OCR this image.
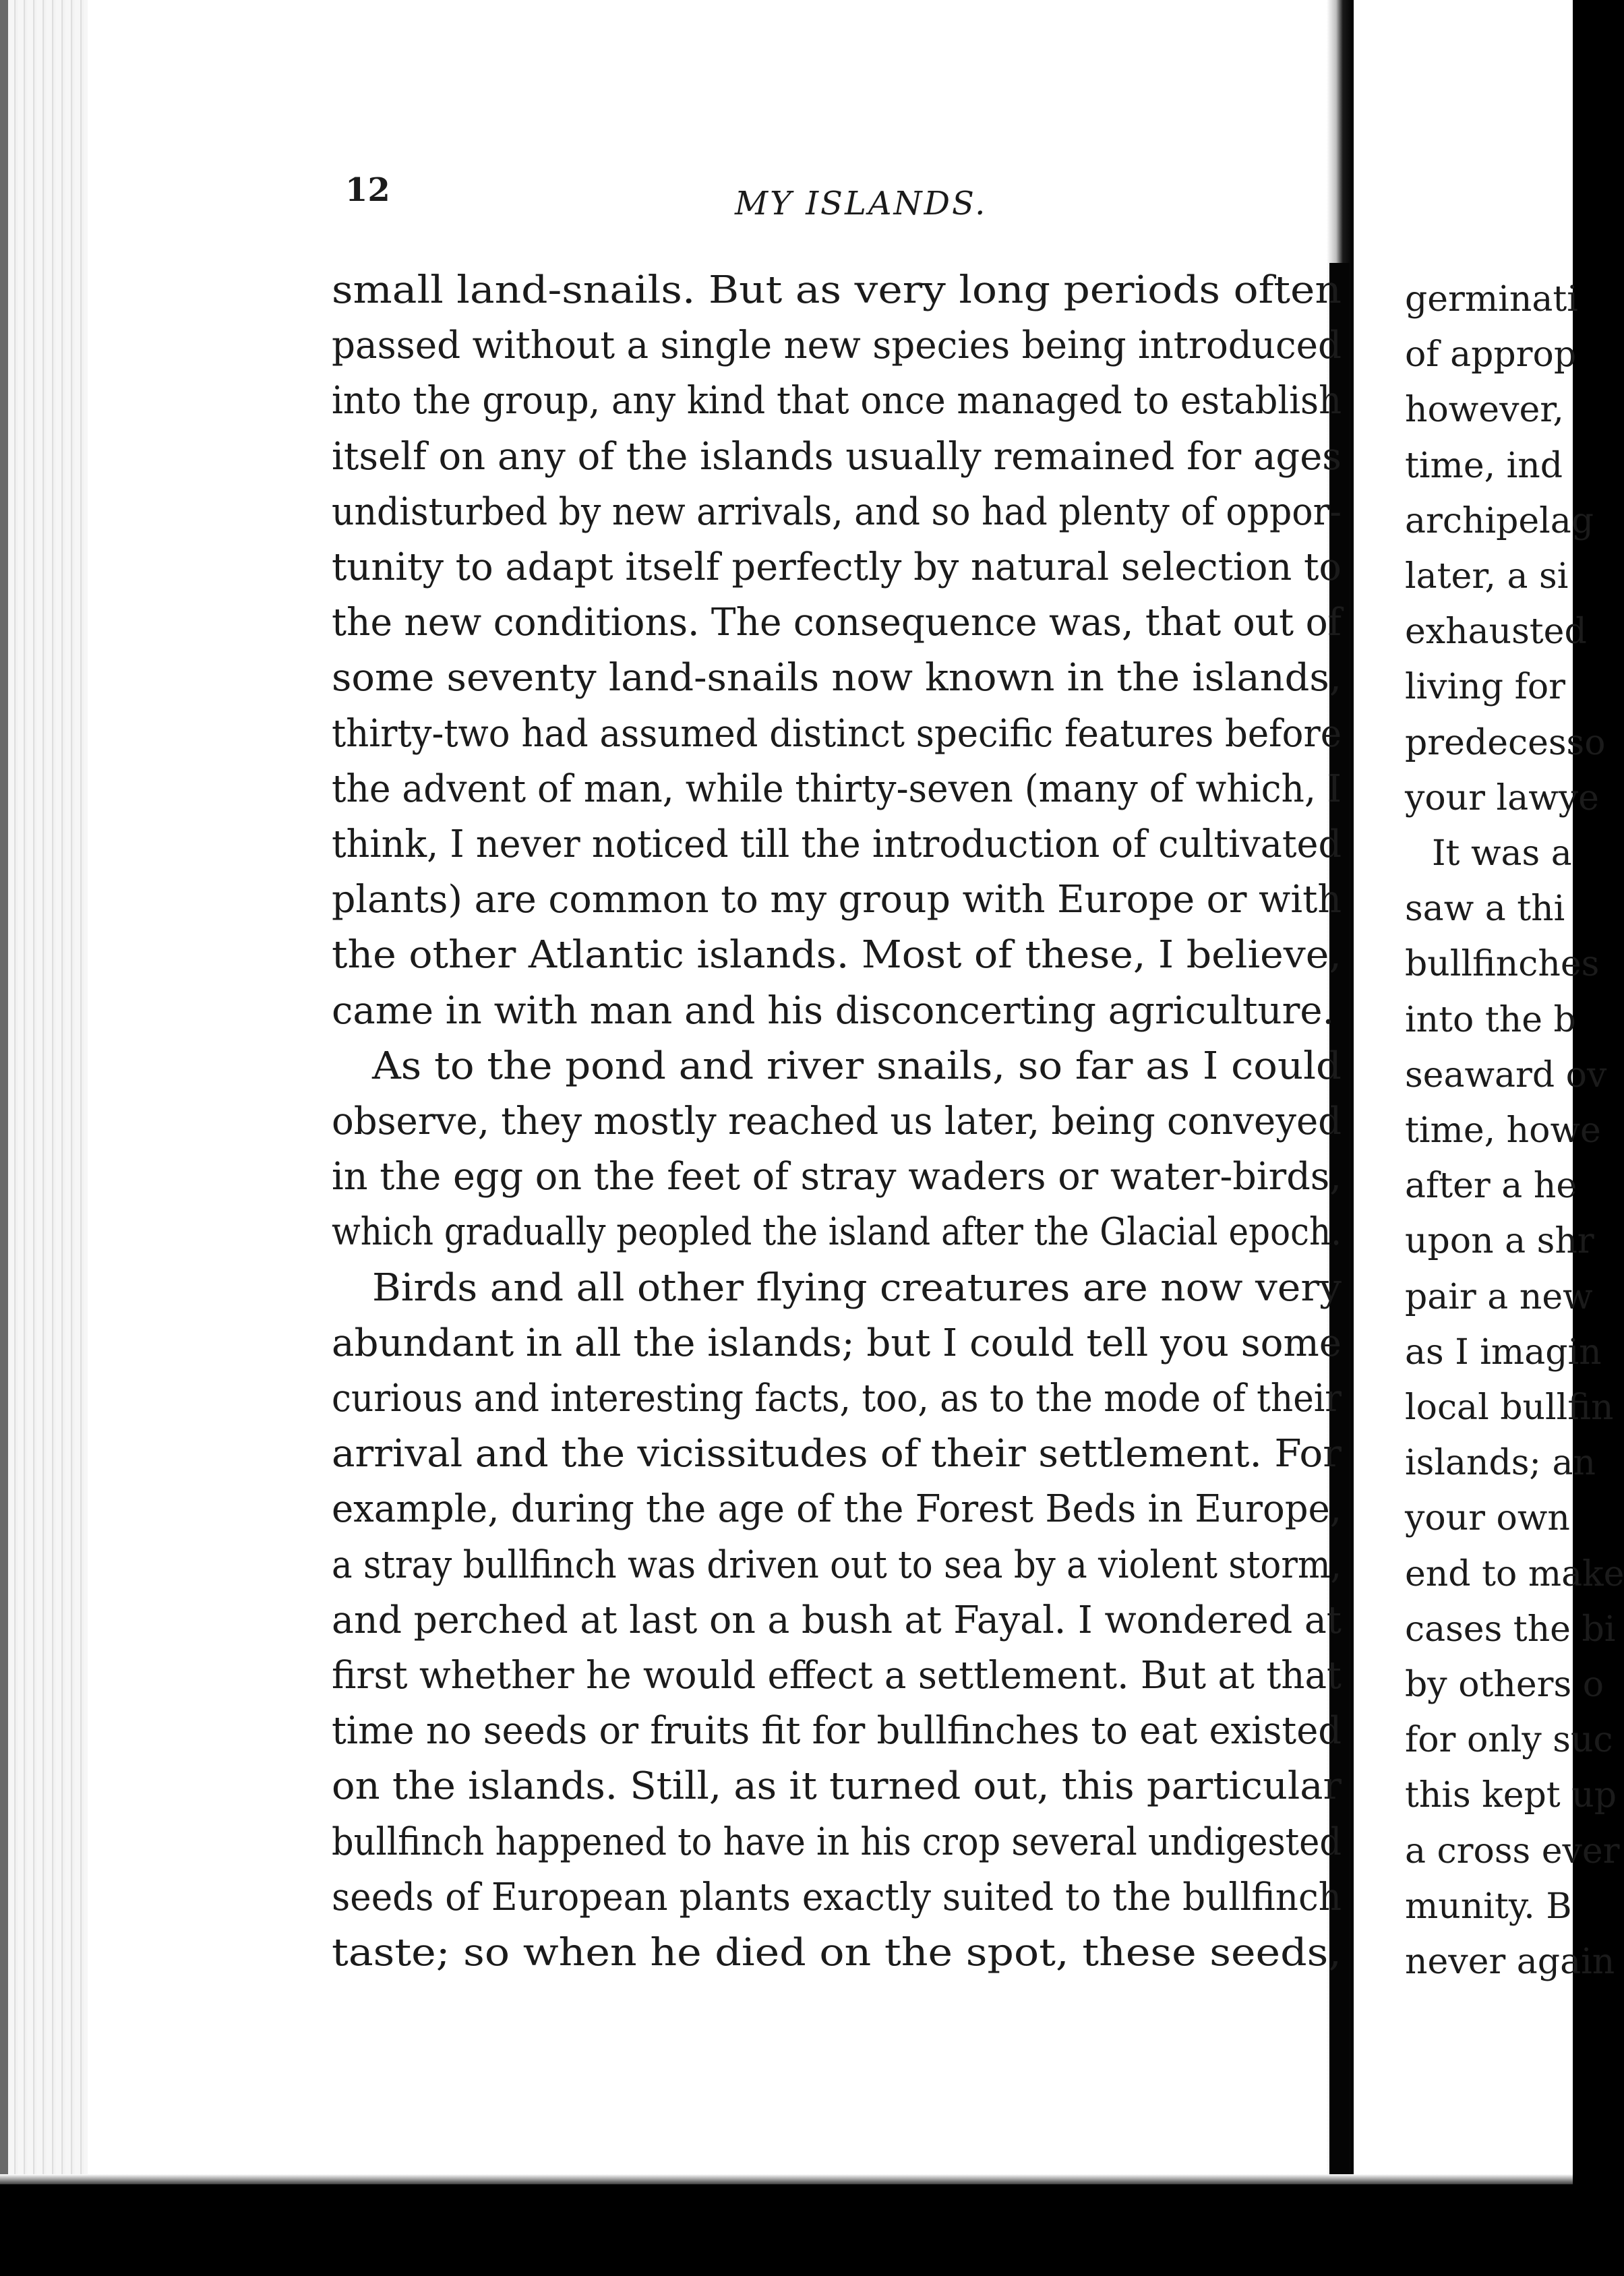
12	MY ISLANDS.
small land-snails. But as very long periods often
passed without a single new species being introduced
into the group, any kind that once managed to establish
itself on any of the islands usually remained for ages
undisturbed by new arrivals, and so had plenty of oppor-
tunity to adapt itself perfectly by natural selection to
the new conditions. The consequence was, that out of
some seventy land-snails now known in the islands,
thirty-two had assumed distinct specific features before
the advent of man, while thirty-seven (many of which, I
think, I never noticed till the introduction of cultivated
plants) are common to my group with Europe or with
the other Atlantic islands. Most of these, I believe,
came in with man and his disconcerting agriculture.
As to the pond and river snails, so far as I could
observe, they mostly reached us later, being conveyed
in the egg on the feet of stray waders or water-birds,
which gradually peopled the island after the Glacial epoch.
Birds and all other flying creatures are now very
abundant in all the islands; but I could tell you some
curious and interesting facts, too, as to the mode of their
arrival and the vicissitudes of their settlement. For
example, during the age of the Forest Beds in Europe,
a stray bullfinch was driven out to sea by a violent storm,
and perched at last on a bush at Fayal. I wondered at
first whether he would effect a settlement. But at that
time no seeds or fruits fit for bullfinches to eat existed
on the islands. Still, as it turned out, this particular
bullfinch happened to have in his crop several undigested
seeds of European plants exactly suited to the bullfinch
taste; so when he died on the spot, these seeds,
germinati
of approp
however,
time, ind
archipelag
later, a si
exhausted
living for
predecesso
your lawye
It was a
saw a thi
bullfinches
into the b
seaward ov
time, howe
after a he
upon a shr
pair a new
as I imagin
local bullfin
islands; an
your own
end to make
cases the bi
by others o
for only suc
this kept up
a cross ever
munity. B
never again
